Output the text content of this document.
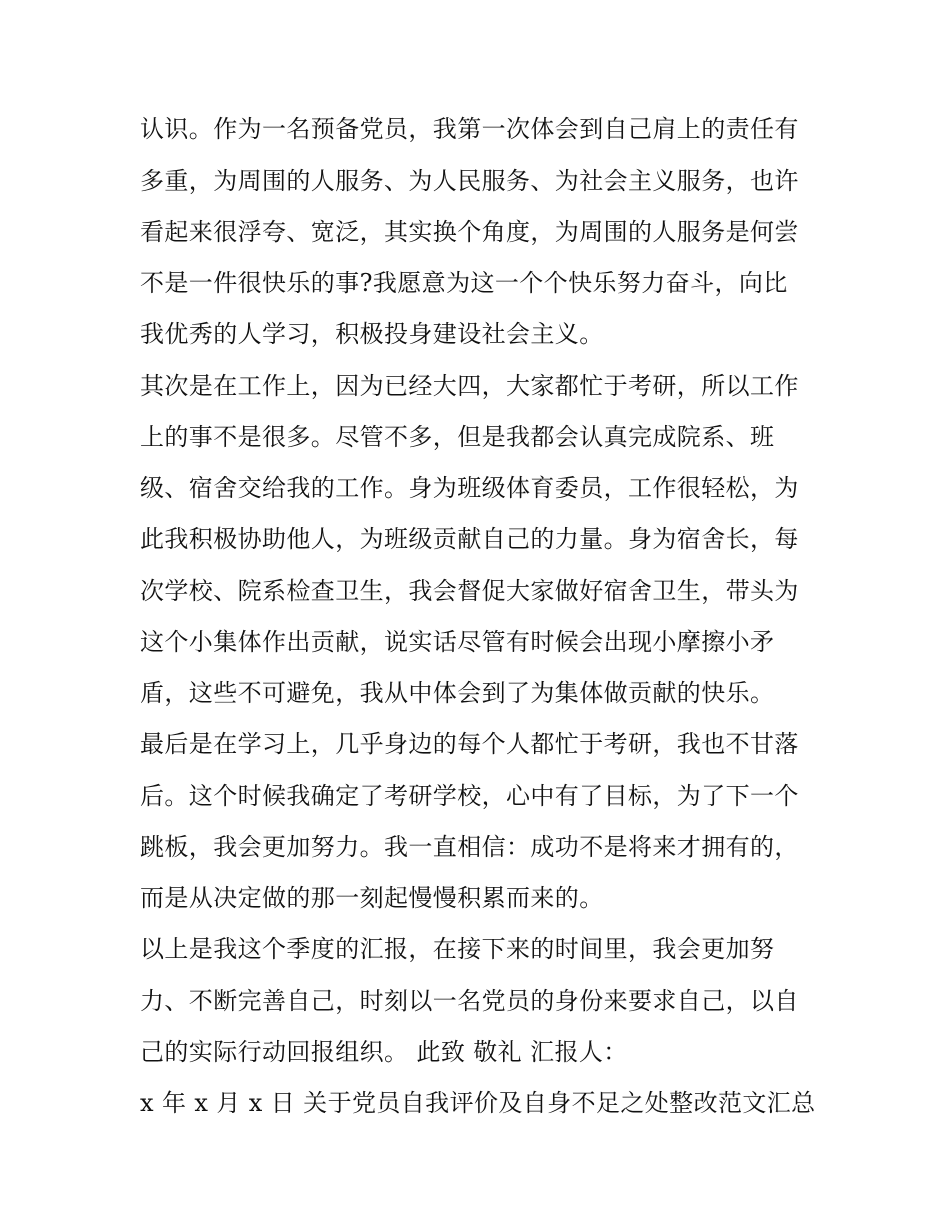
认识。作为一名预备党员，我第一次体会到自己肩上的责任有
多重，为周围的人服务、为人民服务、为社会主义服务，也许
看起来很浮夸、宽泛，其实换个角度，为周围的人服务是何尝
不是一件很快乐的事?我愿意为这一个个快乐努力奋斗，向比
我优秀的人学习，积极投身建设社会主义。
其次是在工作上，因为已经大四，大家都忙于考研，所以工作
上的事不是很多。尽管不多，但是我都会认真完成院系、班
级、宿舍交给我的工作。身为班级体育委员，工作很轻松，为
此我积极协助他人，为班级贡献自己的力量。身为宿舍长，每
次学校、院系检查卫生，我会督促大家做好宿舍卫生，带头为
这个小集体作出贡献，说实话尽管有时候会出现小摩擦小矛
盾，这些不可避免，我从中体会到了为集体做贡献的快乐。
最后是在学习上，几乎身边的每个人都忙于考研，我也不甘落
后。这个时候我确定了考研学校，心中有了目标，为了下一个
跳板，我会更加努力。我一直相信：成功不是将来才拥有的，
而是从决定做的那一刻起慢慢积累而来的。
以上是我这个季度的汇报，在接下来的时间里，我会更加努
力、不断完善自己，时刻以一名党员的身份来要求自己，以自
己的实际行动回报组织。 此致 敬礼 汇报人：
x 年 x 月 x 日 关于党员自我评价及自身不足之处整改范文汇总
